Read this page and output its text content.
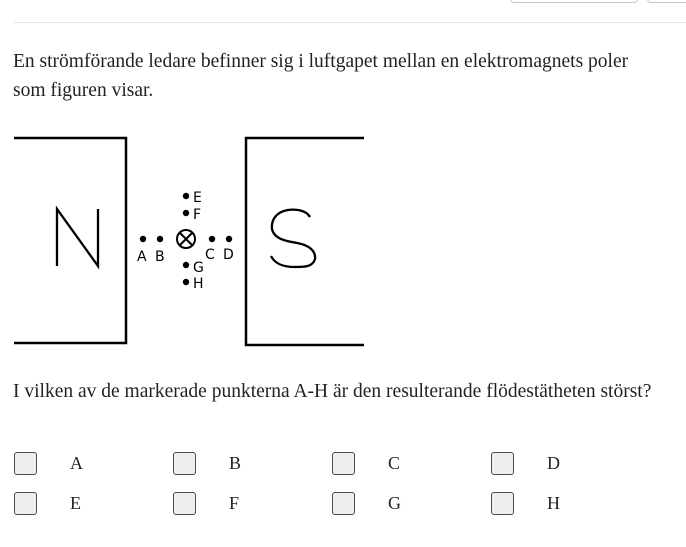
En strömförande ledare befinner sig i luftgapet mellan en elektromagnets poler som figuren visar.

A B	C D
E
F
G
H

I vilken av de markerade punkterna A-H är den resulterande flödestätheten störst?

A	B	C	D
E	F	G	H
